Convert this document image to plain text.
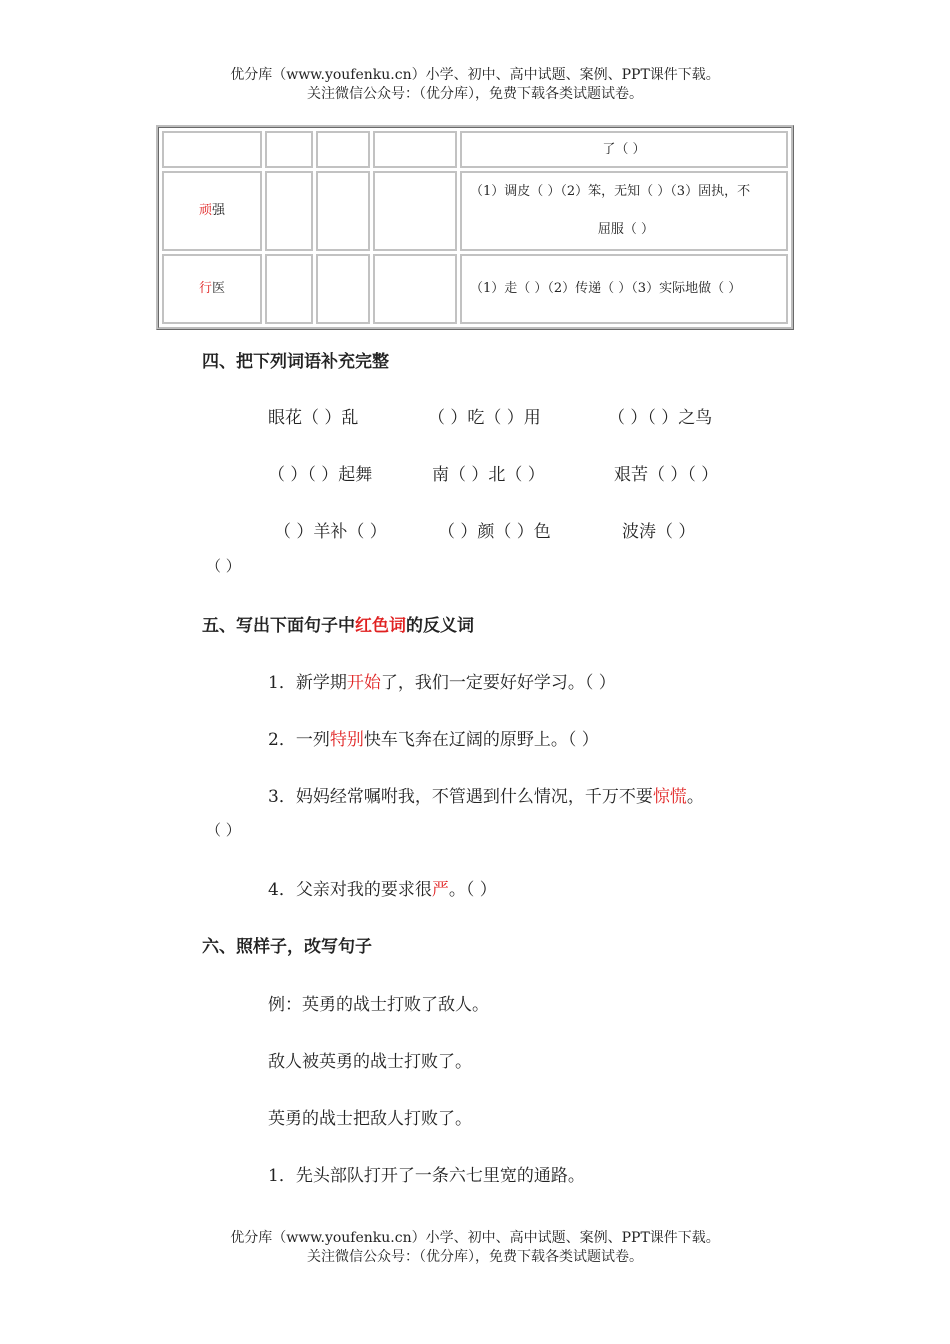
优分库（www.youfenku.cn）小学、初中、高中试题、案例、PPT课件下载。
关注微信公众号：（优分库），免费下载各类试题试卷。
				了（ ）
顽强				（1）调皮（ ）（2）笨，无知（ ）（3）固执，不
屈服（ ）

行医				（1）走（ ）（2）传递（ ）（3）实际地做（ ）
四、把下列词语补充完整
眼花（ ）乱	（ ）吃（ ）用	（ ）（ ）之鸟
（ ）（ ）起舞	南（ ）北（ ）	艰苦（ ）（ ）
（ ）羊补（ ）	（ ）颜（ ）色	波涛（ ）
（ ）
五、写出下面句子中红色词的反义词
1．新学期开始了，我们一定要好好学习。（ ）
2．一列特别快车飞奔在辽阔的原野上。（ ）
3．妈妈经常嘱咐我，不管遇到什么情况，千万不要惊慌。
（ ）
4．父亲对我的要求很严。（ ）
六、照样子，改写句子
例：英勇的战士打败了敌人。
敌人被英勇的战士打败了。
英勇的战士把敌人打败了。
1．先头部队打开了一条六七里宽的通路。
优分库（www.youfenku.cn）小学、初中、高中试题、案例、PPT课件下载。
关注微信公众号：（优分库），免费下载各类试题试卷。
